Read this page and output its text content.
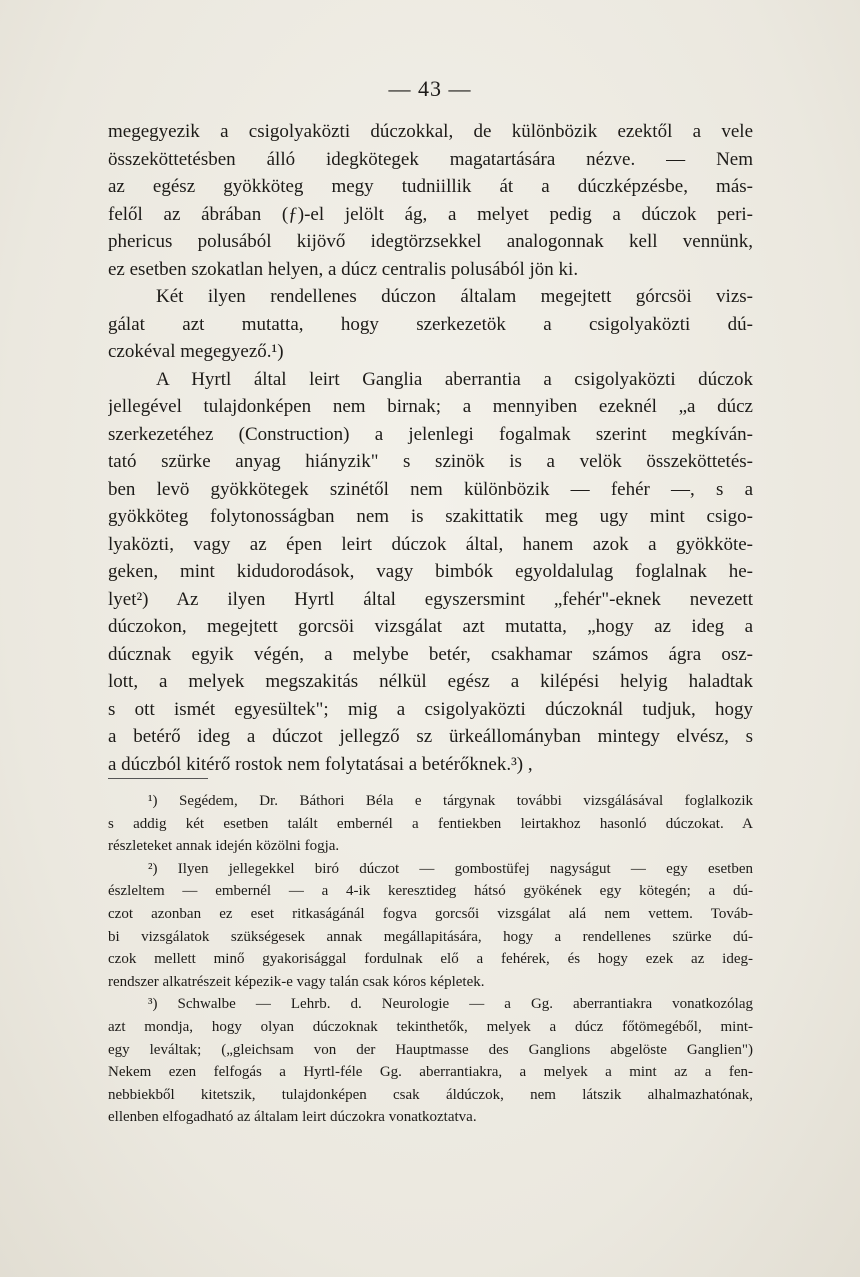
— 43 —
megegyezik a csigolyaközti dúczokkal, de különbözik ezektől a vele
összeköttetésben álló idegkötegek magatartására nézve. — Nem
az egész gyökköteg megy tudniillik át a dúczképzésbe, más-
felől az ábrában (ƒ)-el jelölt ág, a melyet pedig a dúczok peri-
phericus polusából kijövő idegtörzsekkel analogonnak kell vennünk,
ez esetben szokatlan helyen, a dúcz centralis polusából jön ki.
Két ilyen rendellenes dúczon általam megejtett górcsöi vizs-
gálat azt mutatta, hogy szerkezetök a csigolyaközti dú-
czokéval megegyező.¹)
A Hyrtl által leirt Ganglia aberrantia a csigolyaközti dúczok
jellegével tulajdonképen nem birnak; a mennyiben ezeknél „a dúcz
szerkezetéhez (Construction) a jelenlegi fogalmak szerint megkíván-
tató szürke anyag hiányzik" s szinök is a velök összeköttetés-
ben levö gyökkötegek szinétől nem különbözik — fehér —, s a
gyökköteg folytonosságban nem is szakittatik meg ugy mint csigo-
lyaközti, vagy az épen leirt dúczok által, hanem azok a gyökköte-
geken, mint kidudorodások, vagy bimbók egyoldalulag foglalnak he-
lyet²) Az ilyen Hyrtl által egyszersmint „fehér"-eknek nevezett
dúczokon, megejtett gorcsöi vizsgálat azt mutatta, „hogy az ideg a
dúcznak egyik végén, a melybe betér, csakhamar számos ágra osz-
lott, a melyek megszakitás nélkül egész a kilépési helyig haladtak
s ott ismét egyesültek"; mig a csigolyaközti dúczoknál tudjuk, hogy
a betérő ideg a dúczot jellegző sz ürkeállományban mintegy elvész, s
a dúczból kitérő rostok nem folytatásai a betérőknek.³) ,
¹) Segédem, Dr. Báthori Béla e tárgynak további vizsgálásával foglalkozik
s addig két esetben talált embernél a fentiekben leirtakhoz hasonló dúczokat. A
részleteket annak idején közölni fogja.
²) Ilyen jellegekkel biró dúczot — gombostüfej nagyságut — egy esetben
észleltem — embernél — a 4-ik keresztideg hátsó gyökének egy kötegén; a dú-
czot azonban ez eset ritkaságánál fogva gorcsői vizsgálat alá nem vettem. Továb-
bi vizsgálatok szükségesek annak megállapitására, hogy a rendellenes szürke dú-
czok mellett minő gyakorisággal fordulnak elő a fehérek, és hogy ezek az ideg-
rendszer alkatrészeit képezik-e vagy talán csak kóros képletek.
³) Schwalbe — Lehrb. d. Neurologie — a Gg. aberrantiakra vonatkozólag
azt mondja, hogy olyan dúczoknak tekinthetők, melyek a dúcz főtömegéből, mint-
egy leváltak; („gleichsam von der Hauptmasse des Ganglions abgelöste Ganglien")
Nekem ezen felfogás a Hyrtl-féle Gg. aberrantiakra, a melyek a mint az a fen-
nebbiekből kitetszik, tulajdonképen csak áldúczok, nem látszik alhalmazhatónak,
ellenben elfogadható az általam leirt dúczokra vonatkoztatva.
